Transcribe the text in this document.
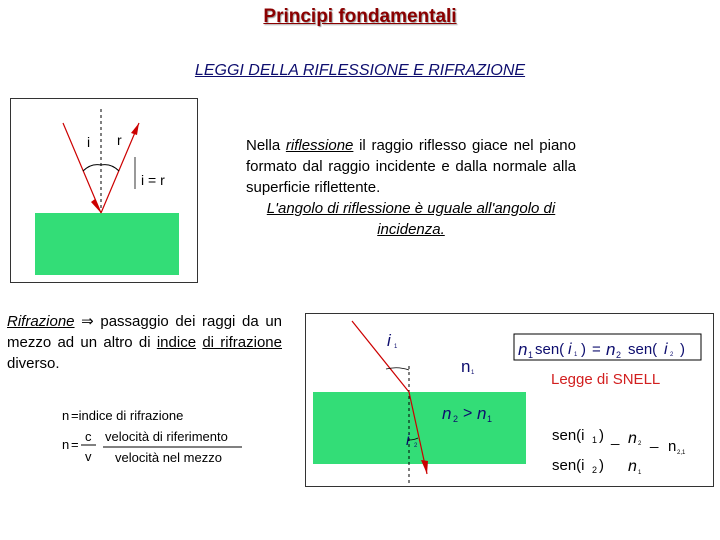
Principi fondamentali
LEGGI DELLA RIFLESSIONE E RIFRAZIONE
i r
i = r
Nella riflessione il raggio riflesso giace nel piano formato dal raggio incidente e dalla normale alla superficie riflettente.
L'angolo di riflessione è uguale all'angolo di incidenza.
Rifrazione ⇒ passaggio dei raggi da un mezzo ad un altro di indice di rifrazione diverso.
n =indice di rifrazione
n =
c
v
velocità di riferimento
velocità nel mezzo
i 1
n 1
i 2
n 2 > n 1
n 1 sen( i 1 ) = n 2 sen( i 2 )
Legge di SNELL
sen(i 1 ) _ n 2 _ n 2,1
sen(i 2 ) n 1
